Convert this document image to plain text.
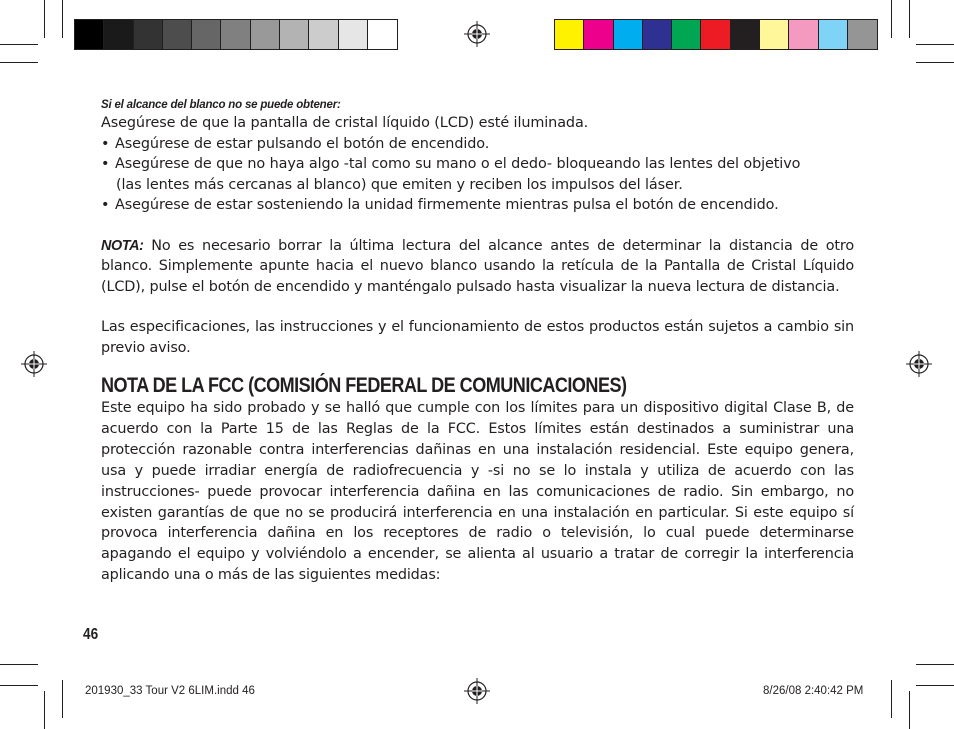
Si el alcance del blanco no se puede obtener:
Asegúrese de que la pantalla de cristal líquido (LCD) esté iluminada.
• Asegúrese de estar pulsando el botón de encendido.
• Asegúrese de que no haya algo -tal como su mano o el dedo- bloqueando las lentes del objetivo
(las lentes más cercanas al blanco) que emiten y reciben los impulsos del láser.
• Asegúrese de estar sosteniendo la unidad firmemente mientras pulsa el botón de encendido.

NOTA: No es necesario borrar la última lectura del alcance antes de determinar la distancia de otro blanco. Simplemente apunte hacia el nuevo blanco usando la retícula de la Pantalla de Cristal Líquido (LCD), pulse el botón de encendido y manténgalo pulsado hasta visualizar la nueva lectura de distancia.

Las especificaciones, las instrucciones y el funcionamiento de estos productos están sujetos a cambio sin previo aviso.

NOTA DE LA FCC (COMISIÓN FEDERAL DE COMUNICACIONES)

Este equipo ha sido probado y se halló que cumple con los límites para un dispositivo digital Clase B, de acuerdo con la Parte 15 de las Reglas de la FCC. Estos límites están destinados a suministrar una protección razonable contra interferencias dañinas en una instalación residencial. Este equipo genera, usa y puede irradiar energía de radiofrecuencia y -si no se lo instala y utiliza de acuerdo con las instrucciones- puede provocar interferencia dañina en las comunicaciones de radio. Sin embargo, no existen garantías de que no se producirá interferencia en una instalación en particular. Si este equipo sí provoca interferencia dañina en los receptores de radio o televisión, lo cual puede determinarse apagando el equipo y volviéndolo a encender, se alienta al usuario a tratar de corregir la interferencia aplicando una o más de las siguientes medidas:

46
201930_33 Tour V2 6LIM.indd 46	8/26/08 2:40:42 PM
